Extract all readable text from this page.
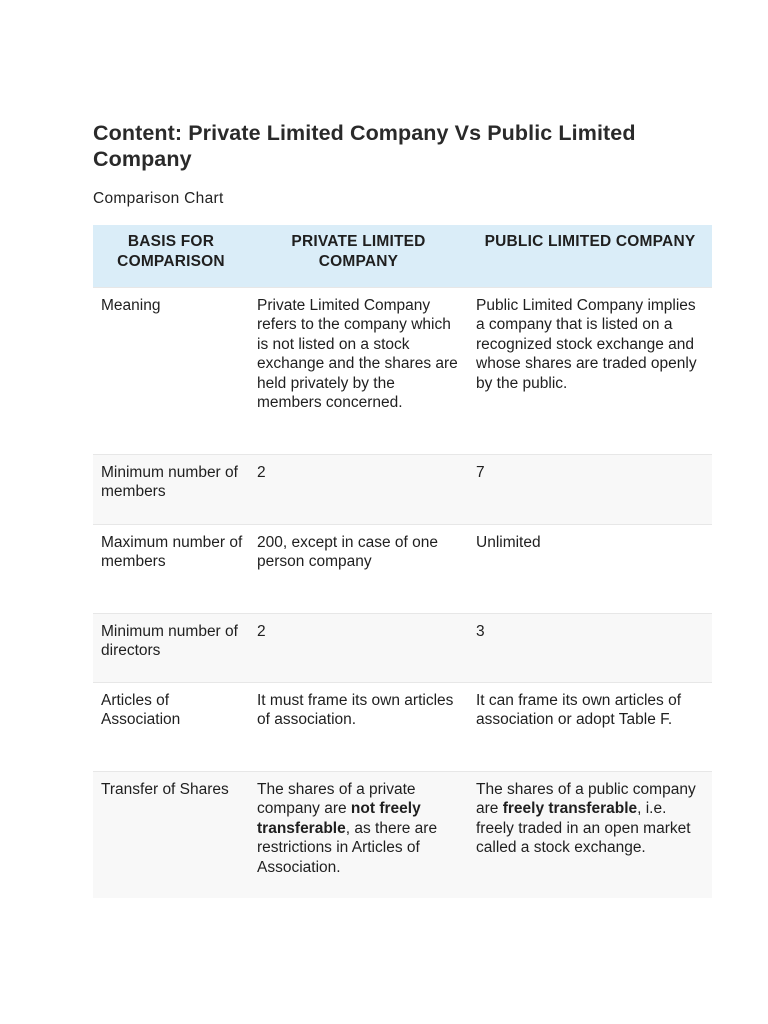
Content: Private Limited Company Vs Public Limited Company
Comparison Chart
BASIS FOR COMPARISON	PRIVATE LIMITED COMPANY	PUBLIC LIMITED COMPANY
Meaning	Private Limited Company refers to the company which is not listed on a stock exchange and the shares are held privately by the members concerned.	Public Limited Company implies a company that is listed on a recognized stock exchange and whose shares are traded openly by the public.
Minimum number of members	2	7
Maximum number of members	200, except in case of one person company	Unlimited
Minimum number of directors	2	3
Articles of Association	It must frame its own articles of association.	It can frame its own articles of association or adopt Table F.
Transfer of Shares	The shares of a private company are not freely transferable, as there are restrictions in Articles of Association.	The shares of a public company are freely transferable, i.e. freely traded in an open market called a stock exchange.
